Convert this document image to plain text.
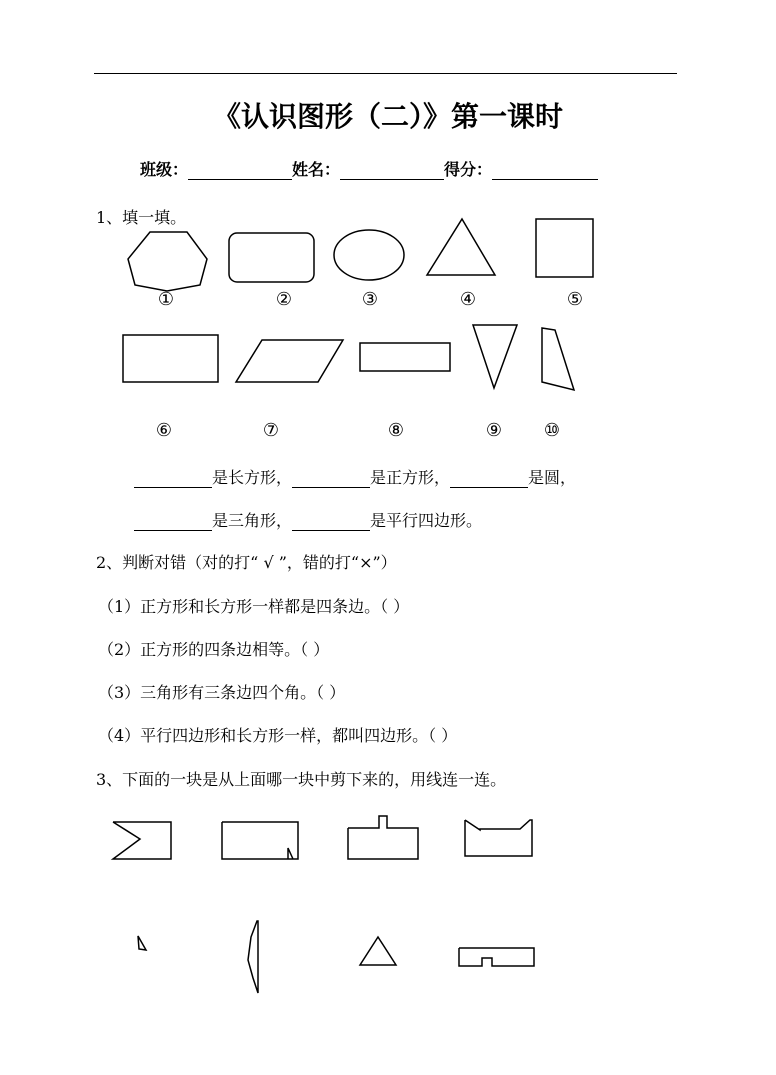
《认识图形（二）》第一课时
班级：	姓名：	得分：
1、填一填。
①	②	③	④	⑤
⑥	⑦	⑧	⑨	⑩
是长方形，	是正方形，	是圆，
是三角形，	是平行四边形。
2、判断对错（对的打“ √ ”，错的打“×”）
（1）正方形和长方形一样都是四条边。（ ）
（2）正方形的四条边相等。（ ）
（3）三角形有三条边四个角。（ ）
（4）平行四边形和长方形一样，都叫四边形。（ ）
3、下面的一块是从上面哪一块中剪下来的，用线连一连。
